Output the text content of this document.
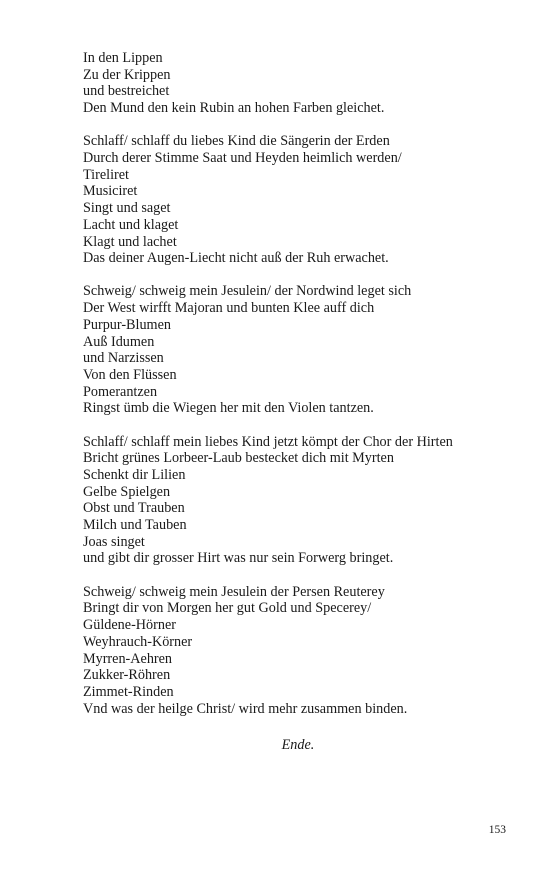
In den Lippen
Zu der Krippen
und bestreichet
Den Mund den kein Rubin an hohen Farben gleichet.
Schlaff/ schlaff du liebes Kind die Sängerin der Erden
Durch derer Stimme Saat und Heyden heimlich werden/
Tireliret
Musiciret
Singt und saget
Lacht und klaget
Klagt und lachet
Das deiner Augen-Liecht nicht auß der Ruh erwachet.
Schweig/ schweig mein Jesulein/ der Nordwind leget sich
Der West wirfft Majoran und bunten Klee auff dich
Purpur-Blumen
Auß Idumen
und Narzissen
Von den Flüssen
Pomerantzen
Ringst ümb die Wiegen her mit den Violen tantzen.
Schlaff/ schlaff mein liebes Kind jetzt kömpt der Chor der Hirten
Bricht grünes Lorbeer-Laub bestecket dich mit Myrten
Schenkt dir Lilien
Gelbe Spielgen
Obst und Trauben
Milch und Tauben
Joas singet
und gibt dir grosser Hirt was nur sein Forwerg bringet.
Schweig/ schweig mein Jesulein der Persen Reuterey
Bringt dir von Morgen her gut Gold und Specerey/
Güldene-Hörner
Weyhrauch-Körner
Myrren-Aehren
Zukker-Röhren
Zimmet-Rinden
Vnd was der heilge Christ/ wird mehr zusammen binden.
Ende.
153
